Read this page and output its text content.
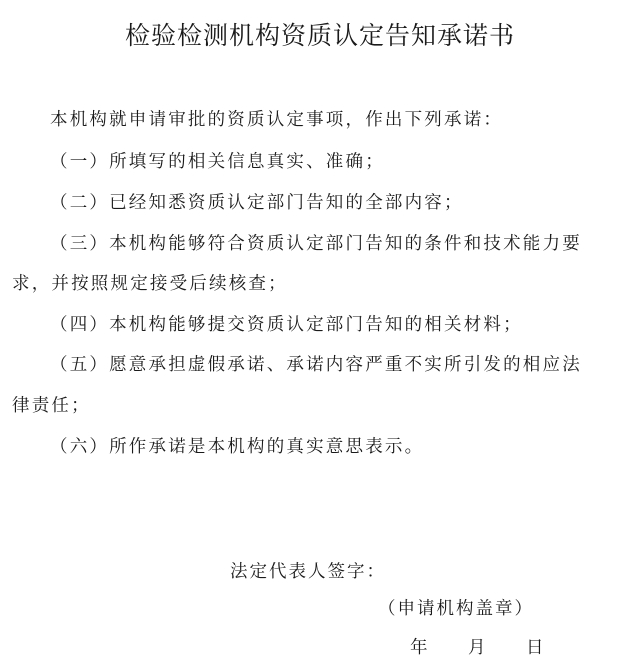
检验检测机构资质认定告知承诺书

本机构就申请审批的资质认定事项，作出下列承诺：

（一）所填写的相关信息真实、准确；

（二）已经知悉资质认定部门告知的全部内容；

（三）本机构能够符合资质认定部门告知的条件和技术能力要

求，并按照规定接受后续核查；

（四）本机构能够提交资质认定部门告知的相关材料；

（五）愿意承担虚假承诺、承诺内容严重不实所引发的相应法

律责任；

（六）所作承诺是本机构的真实意思表示。

法定代表人签字：
（申请机构盖章）
年 月 日
